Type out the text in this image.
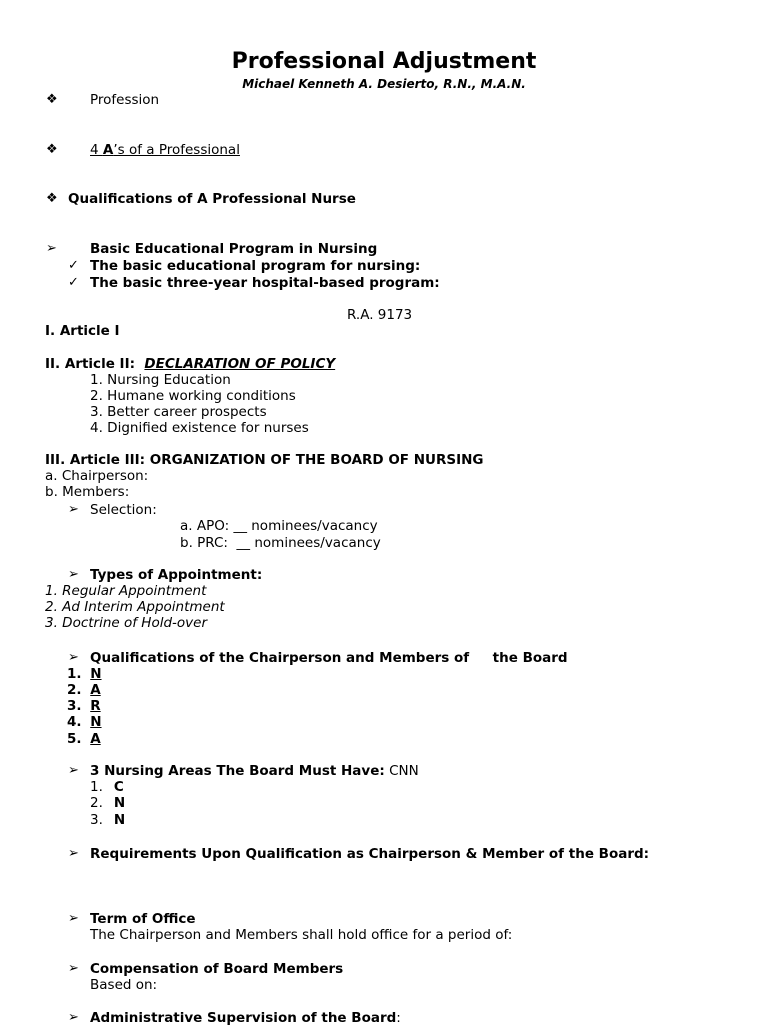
Professional Adjustment
Michael Kenneth A. Desierto, R.N., M.A.N.
❖ Profession
❖ 4 A’s of a Professional
❖ Qualifications of A Professional Nurse
➢ Basic Educational Program in Nursing
✓ The basic educational program for nursing:
✓ The basic three-year hospital-based program:
R.A. 9173
I. Article I
II. Article II:  DECLARATION OF POLICY
1. Nursing Education
2. Humane working conditions
3. Better career prospects
4. Dignified existence for nurses
III. Article III: ORGANIZATION OF THE BOARD OF NURSING
a. Chairperson:
b. Members:
➢ Selection:
a. APO: __ nominees/vacancy
b. PRC:  __ nominees/vacancy
➢ Types of Appointment:
1. Regular Appointment
2. Ad Interim Appointment
3. Doctrine of Hold-over
➢ Qualifications of the Chairperson and Members of     the Board
1. N
2. A
3. R
4. N
5. A
➢ 3 Nursing Areas The Board Must Have: CNN
1. C
2. N
3. N
➢ Requirements Upon Qualification as Chairperson & Member of the Board:
➢ Term of Office
The Chairperson and Members shall hold office for a period of:
➢ Compensation of Board Members
Based on:
➢ Administrative Supervision of the Board:
